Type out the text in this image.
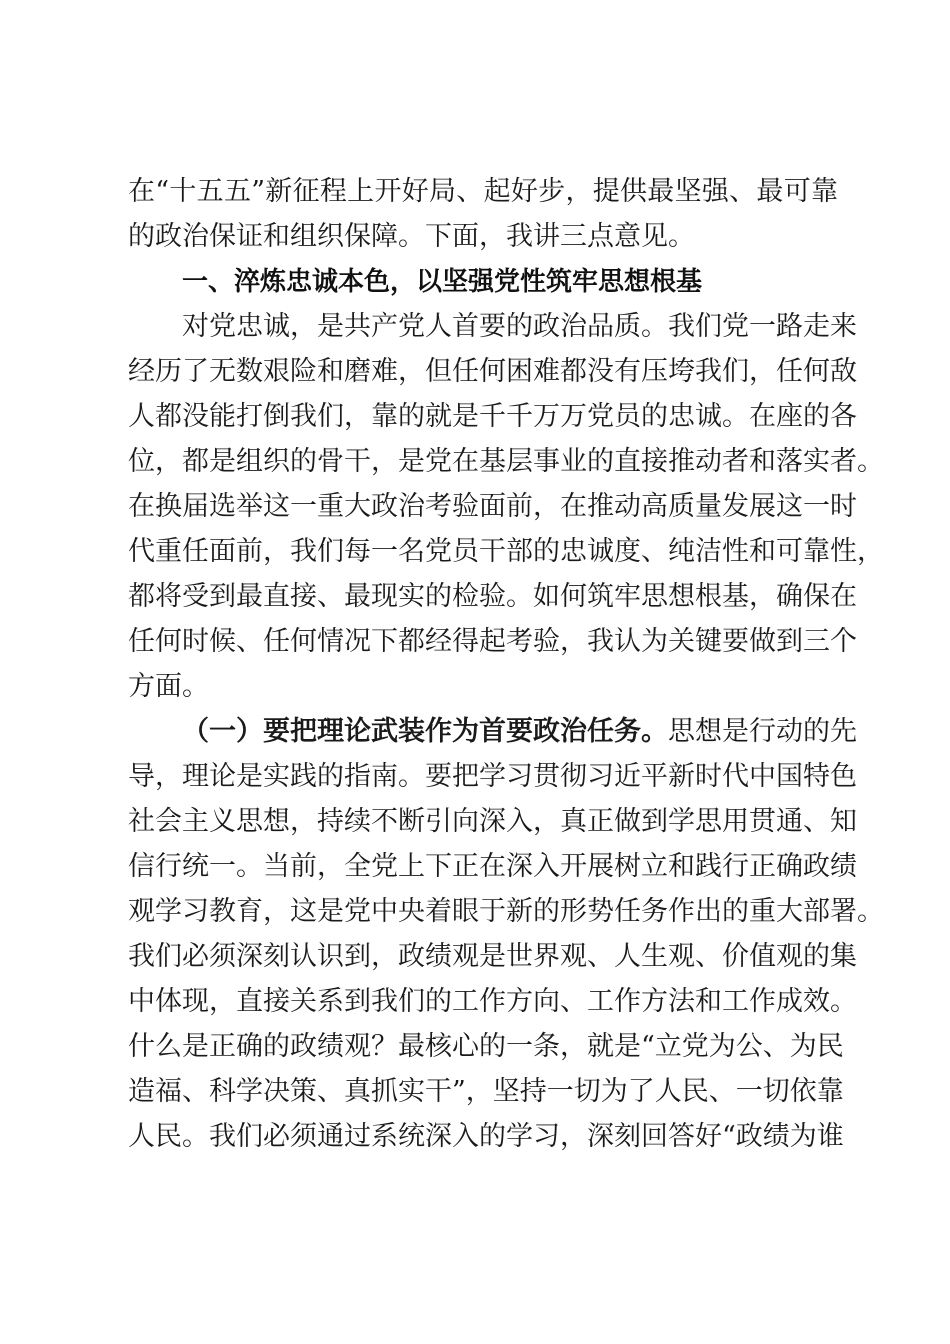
在“十五五”新征程上开好局、起好步，提供最坚强、最可靠
的政治保证和组织保障。下面，我讲三点意见。
一、淬炼忠诚本色，以坚强党性筑牢思想根基
对党忠诚，是共产党人首要的政治品质。我们党一路走来
经历了无数艰险和磨难，但任何困难都没有压垮我们，任何敌
人都没能打倒我们，靠的就是千千万万党员的忠诚。在座的各
位，都是组织的骨干，是党在基层事业的直接推动者和落实者。
在换届选举这一重大政治考验面前，在推动高质量发展这一时
代重任面前，我们每一名党员干部的忠诚度、纯洁性和可靠性，
都将受到最直接、最现实的检验。如何筑牢思想根基，确保在
任何时候、任何情况下都经得起考验，我认为关键要做到三个
方面。
（一）要把理论武装作为首要政治任务。思想是行动的先
导，理论是实践的指南。要把学习贯彻习近平新时代中国特色
社会主义思想，持续不断引向深入，真正做到学思用贯通、知
信行统一。当前，全党上下正在深入开展树立和践行正确政绩
观学习教育，这是党中央着眼于新的形势任务作出的重大部署。
我们必须深刻认识到，政绩观是世界观、人生观、价值观的集
中体现，直接关系到我们的工作方向、工作方法和工作成效。
什么是正确的政绩观？最核心的一条，就是“立党为公、为民
造福、科学决策、真抓实干”，坚持一切为了人民、一切依靠
人民。我们必须通过系统深入的学习，深刻回答好“政绩为谁
